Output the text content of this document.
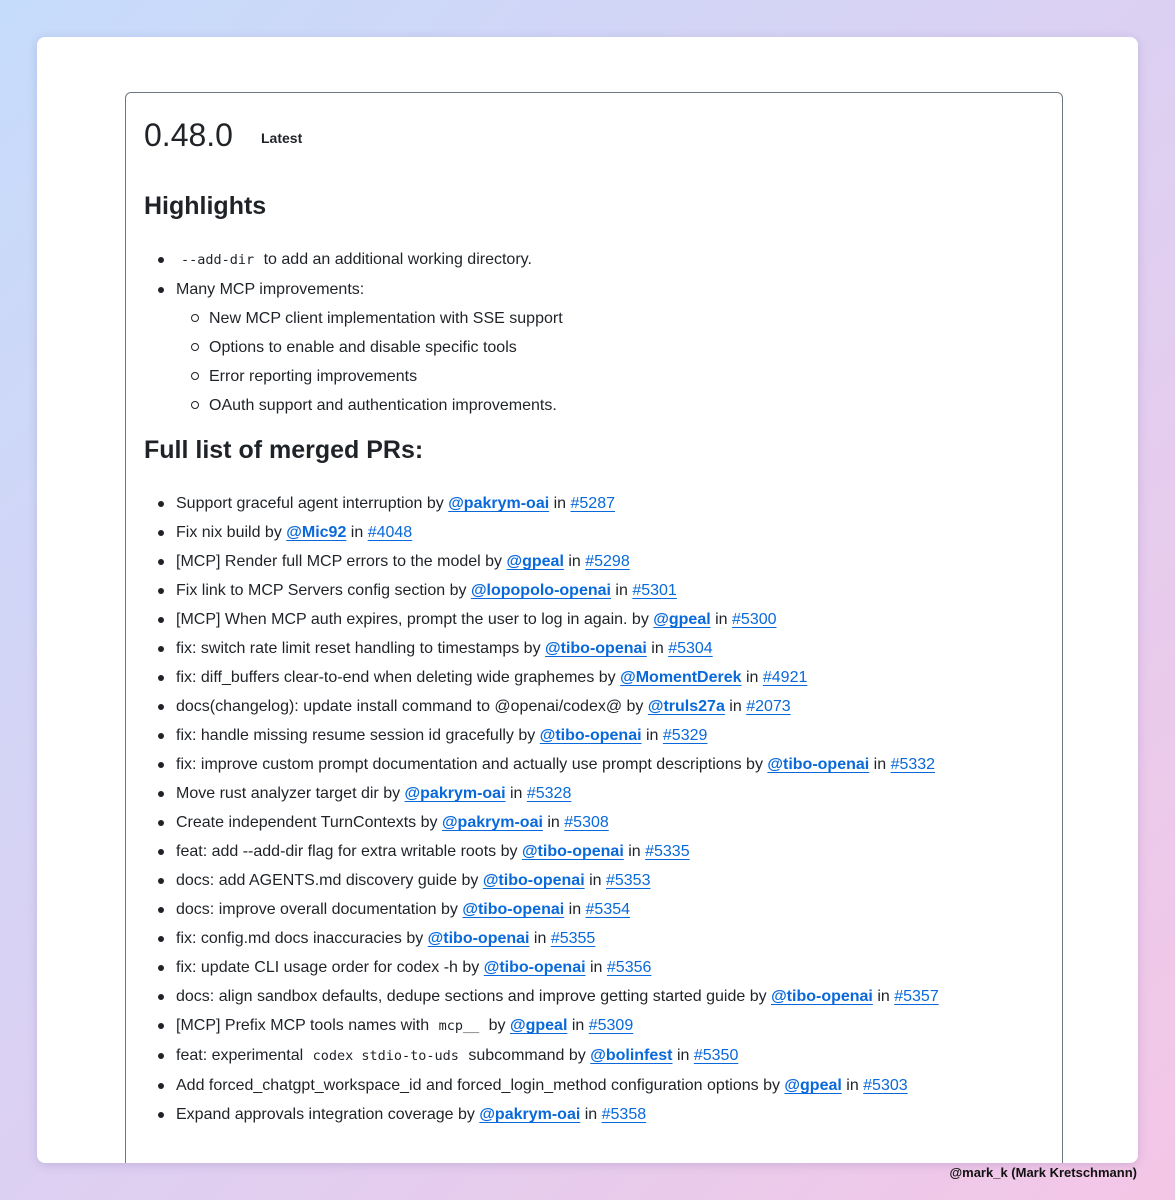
0.48.0 Latest
Highlights
--add-dir to add an additional working directory.
Many MCP improvements:
New MCP client implementation with SSE support
Options to enable and disable specific tools
Error reporting improvements
OAuth support and authentication improvements.
Full list of merged PRs:
Support graceful agent interruption by @pakrym-oai in #5287
Fix nix build by @Mic92 in #4048
[MCP] Render full MCP errors to the model by @gpeal in #5298
Fix link to MCP Servers config section by @lopopolo-openai in #5301
[MCP] When MCP auth expires, prompt the user to log in again. by @gpeal in #5300
fix: switch rate limit reset handling to timestamps by @tibo-openai in #5304
fix: diff_buffers clear-to-end when deleting wide graphemes by @MomentDerek in #4921
docs(changelog): update install command to @openai/codex@ by @truls27a in #2073
fix: handle missing resume session id gracefully by @tibo-openai in #5329
fix: improve custom prompt documentation and actually use prompt descriptions by @tibo-openai in #5332
Move rust analyzer target dir by @pakrym-oai in #5328
Create independent TurnContexts by @pakrym-oai in #5308
feat: add --add-dir flag for extra writable roots by @tibo-openai in #5335
docs: add AGENTS.md discovery guide by @tibo-openai in #5353
docs: improve overall documentation by @tibo-openai in #5354
fix: config.md docs inaccuracies by @tibo-openai in #5355
fix: update CLI usage order for codex -h by @tibo-openai in #5356
docs: align sandbox defaults, dedupe sections and improve getting started guide by @tibo-openai in #5357
[MCP] Prefix MCP tools names with mcp__ by @gpeal in #5309
feat: experimental codex stdio-to-uds subcommand by @bolinfest in #5350
Add forced_chatgpt_workspace_id and forced_login_method configuration options by @gpeal in #5303
Expand approvals integration coverage by @pakrym-oai in #5358
@mark_k (Mark Kretschmann)
